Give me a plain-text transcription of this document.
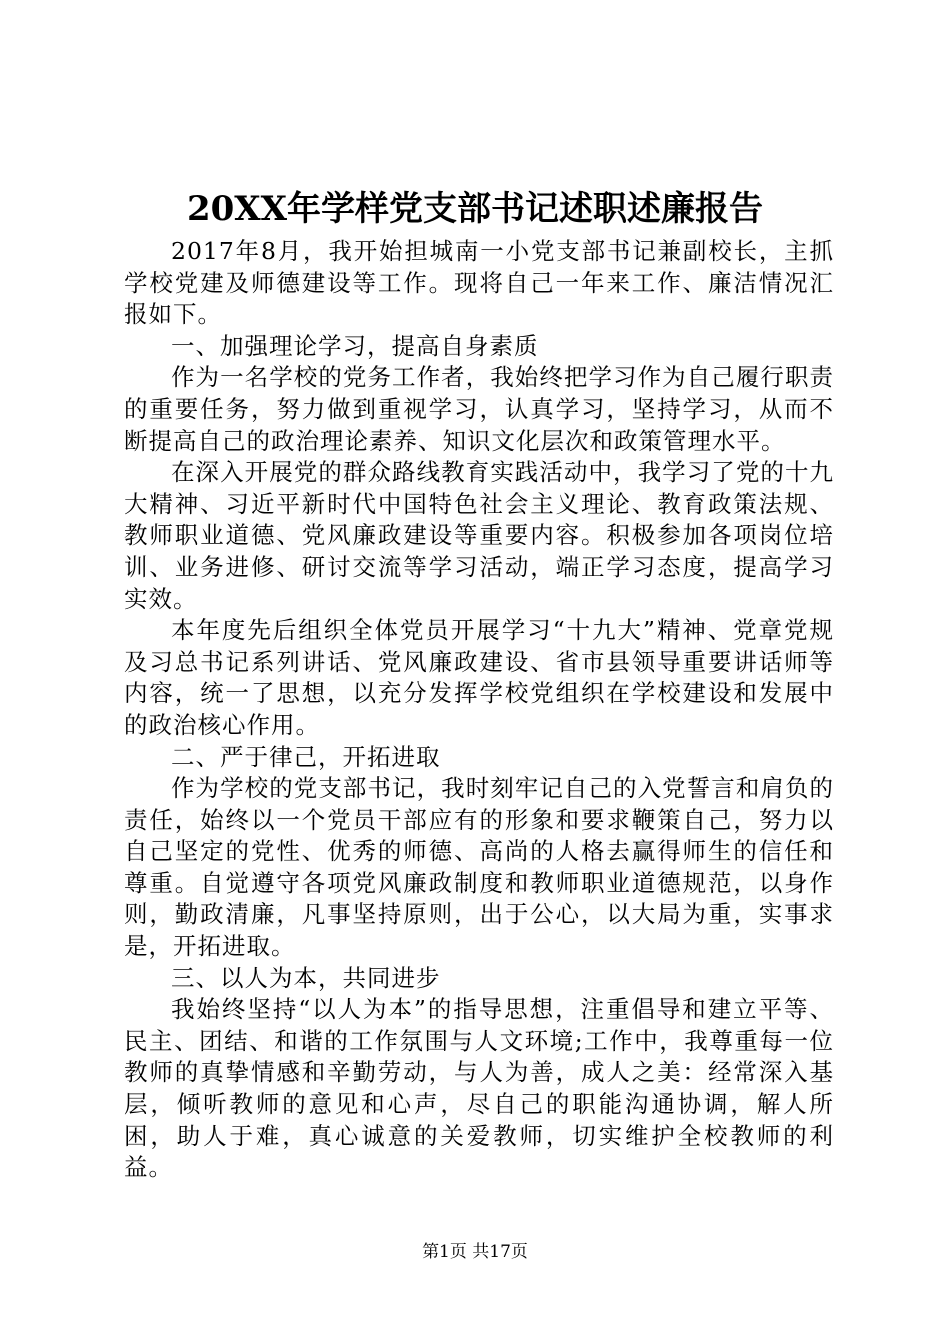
20XX年学样党支部书记述职述廉报告

2017年8月，我开始担城南一小党支部书记兼副校长，主抓学校党建及师德建设等工作。现将自己一年来工作、廉洁情况汇报如下。

一、加强理论学习，提高自身素质

作为一名学校的党务工作者，我始终把学习作为自己履行职责的重要任务，努力做到重视学习，认真学习，坚持学习，从而不断提高自己的政治理论素养、知识文化层次和政策管理水平。

在深入开展党的群众路线教育实践活动中，我学习了党的十九大精神、习近平新时代中国特色社会主义理论、教育政策法规、教师职业道德、党风廉政建设等重要内容。积极参加各项岗位培训、业务进修、研讨交流等学习活动，端正学习态度，提高学习实效。

本年度先后组织全体党员开展学习“十九大”精神、党章党规及习总书记系列讲话、党风廉政建设、省市县领导重要讲话师等内容，统一了思想，以充分发挥学校党组织在学校建设和发展中的政治核心作用。

二、严于律己，开拓进取

作为学校的党支部书记，我时刻牢记自己的入党誓言和肩负的责任，始终以一个党员干部应有的形象和要求鞭策自己，努力以自己坚定的党性、优秀的师德、高尚的人格去赢得师生的信任和尊重。自觉遵守各项党风廉政制度和教师职业道德规范，以身作则，勤政清廉，凡事坚持原则，出于公心，以大局为重，实事求是，开拓进取。

三、以人为本，共同进步

我始终坚持“以人为本”的指导思想，注重倡导和建立平等、民主、团结、和谐的工作氛围与人文环境;工作中，我尊重每一位教师的真挚情感和辛勤劳动，与人为善，成人之美：经常深入基层，倾听教师的意见和心声，尽自己的职能沟通协调，解人所困，助人于难，真心诚意的关爱教师，切实维护全校教师的利益。

第1页 共17页
